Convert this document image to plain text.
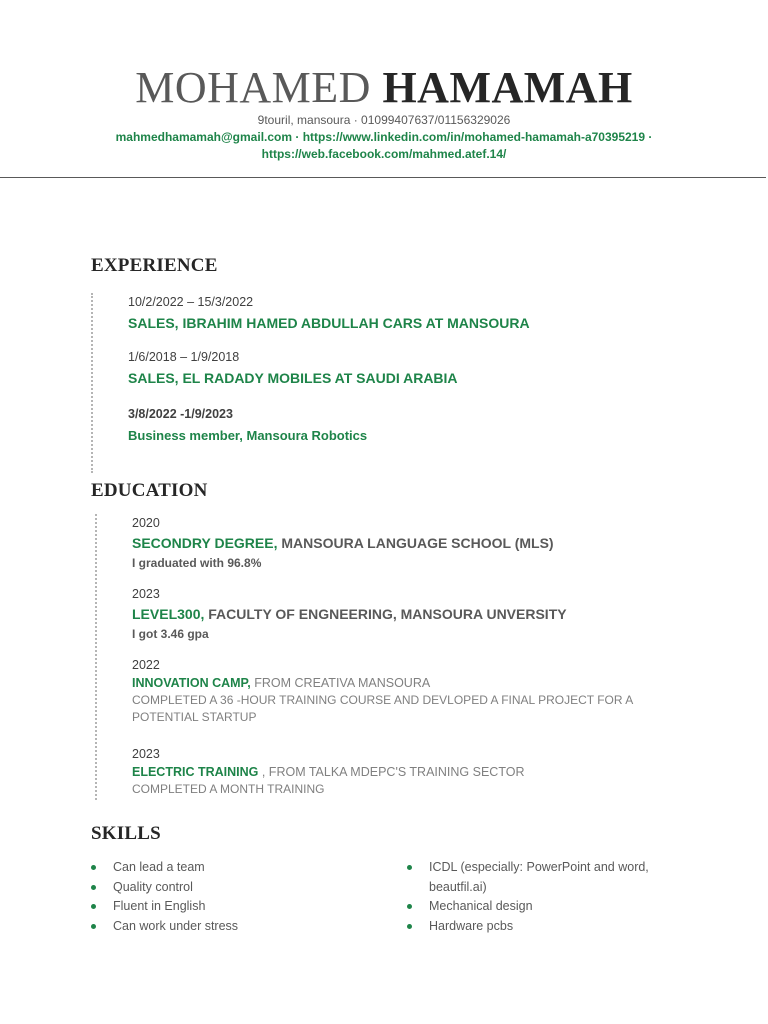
MOHAMED HAMAMAH
9touril, mansoura · 01099407637/01156329026
mahmedhamamah@gmail.com · https://www.linkedin.com/in/mohamed-hamamah-a70395219 ·
https://web.facebook.com/mahmed.atef.14/
EXPERIENCE
10/2/2022 – 15/3/2022
SALES, IBRAHIM HAMED ABDULLAH CARS AT MANSOURA
1/6/2018 – 1/9/2018
SALES, EL RADADY MOBILES AT SAUDI ARABIA
3/8/2022 -1/9/2023
Business member, Mansoura Robotics
EDUCATION
2020
SECONDRY DEGREE, MANSOURA LANGUAGE SCHOOL (MLS)
I graduated with 96.8%
2023
LEVEL300, FACULTY OF ENGNEERING, MANSOURA UNVERSITY
I got 3.46 gpa
2022
INNOVATION CAMP, FROM CREATIVA MANSOURA
COMPLETED A 36 -HOUR TRAINING COURSE AND DEVLOPED A FINAL PROJECT FOR A
POTENTIAL STARTUP
2023
ELECTRIC TRAINING , FROM TALKA MDEPC'S TRAINING SECTOR
COMPLETED A MONTH TRAINING
SKILLS
Can lead a team
Quality control
Fluent in English
Can work under stress
ICDL (especially: PowerPoint and word, beautfil.ai)
Mechanical design
Hardware pcbs
